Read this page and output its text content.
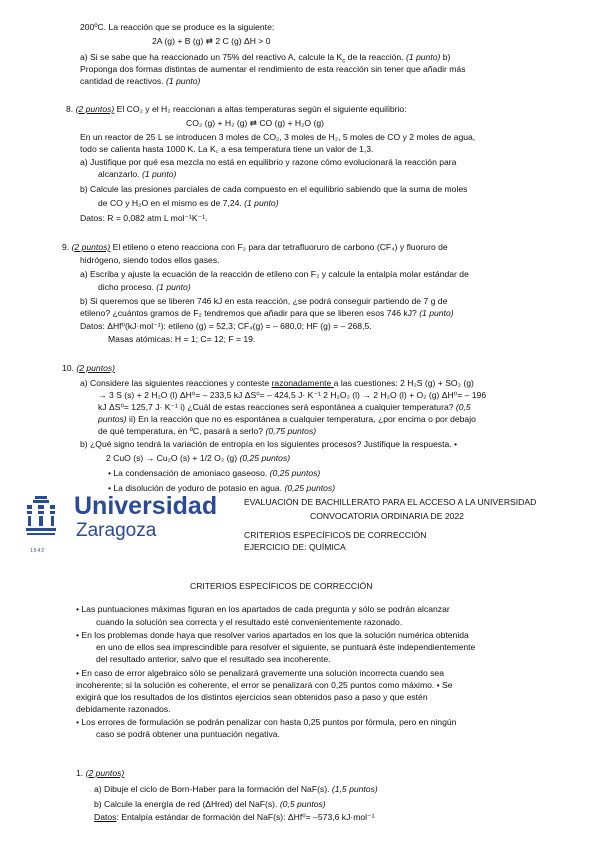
200ºC. La reacción que se produce es la siguiente:
2A (g) + B (g) ⇄ 2 C (g) ΔH > 0
a) Si se sabe que ha reaccionado un 75% del reactivo A, calcule la $K_c$ de la reacción. (1 punto) b)
Proponga dos formas distintas de aumentar el rendimiento de esta reacción sin tener que añadir más
cantidad de reactivos. (1 punto)
8. (2 puntos) El CO₂ y el H₂ reaccionan a altas temperaturas según el siguiente equilibrio:
CO₂ (g) + H₂ (g) ⇄ CO (g) + H₂O (g)
En un reactor de 25 L se introducen 3 moles de CO₂, 3 moles de H₂, 5 moles de CO y 2 moles de agua,
todo se calienta hasta 1000 K. La K꜀ a esa temperatura tiene un valor de 1,3.
a) Justifique por qué esa mezcla no está en equilibrio y razone cómo evolucionará la reacción para
alcanzarlo. (1 punto)
b) Calcule las presiones parciales de cada compuesto en el equilibrio sabiendo que la suma de moles
de CO y H₂O en el mismo es de 7,24. (1 punto)
Datos: R = 0,082 atm L mol⁻¹K⁻¹.
9. (2 puntos) El etileno o eteno reacciona con F₂ para dar tetrafluoruro de carbono (CF₄) y fluoruro de
hidrógeno, siendo todos ellos gases.
a) Escriba y ajuste la ecuación de la reacción de etileno con F₂ y calcule la entalpía molar estándar de
dicho proceso. (1 punto)
b) Si queremos que se liberen 746 kJ en esta reacción, ¿se podrá conseguir partiendo de 7 g de
etileno? ¿cuántos gramos de F₂ tendremos que añadir para que se liberen esos 746 kJ? (1 punto)
Datos: ΔHf⁰(kJ·mol⁻¹): etileno (g) = 52,3; CF₄(g) = – 680,0; HF (g) = – 268,5.
Masas atómicas: H = 1; C= 12; F = 19.
10. (2 puntos)
a) Considere las siguientes reacciones y conteste razonadamente a las cuestiones: 2 H₂S (g) + SO₂ (g)
→ 3 S (s) + 2 H₂O (l) ΔH⁰= – 233,5 kJ ΔS⁰= – 424,5 J· K⁻¹ 2 H₂O₂ (l) → 2 H₂O (l) + O₂ (g) ΔH⁰= – 196
kJ ΔS⁰= 125,7 J· K⁻¹ i) ¿Cuál de estas reacciones será espontánea a cualquier temperatura? (0,5
puntos) ii) En la reacción que no es espontánea a cualquier temperatura, ¿por encima o por debajo
de qué temperatura, en ºC, pasará a serlo? (0,75 puntos)
b) ¿Qué signo tendrá la variación de entropía en los siguientes procesos? Justifique la respuesta. •
2 CuO (s) → Cu₂O (s) + 1/2 O₂ (g) (0,25 puntos)
• La condensación de amoniaco gaseoso. (0,25 puntos)
• La disolución de yoduro de potasio en agua. (0,25 puntos)
Universidad
Zaragoza
1542
EVALUACIÓN DE BACHILLERATO PARA EL ACCESO A LA UNIVERSIDAD
CONVOCATORIA ORDINARIA DE 2022
CRITERIOS ESPECÍFICOS DE CORRECCIÓN
EJERCICIO DE: QUÍMICA
CRITERIOS ESPECÍFICOS DE CORRECCIÓN
• Las puntuaciones máximas figuran en los apartados de cada pregunta y sólo se podrán alcanzar
cuando la solución sea correcta y el resultado esté convenientemente razonado.
• En los problemas donde haya que resolver varios apartados en los que la solución numérica obtenida
en uno de ellos sea imprescindible para resolver el siguiente, se puntuará éste independientemente
del resultado anterior, salvo que el resultado sea incoherente.
• En caso de error algebraico sólo se penalizará gravemente una solución incorrecta cuando sea
incoherente; si la solución es coherente, el error se penalizará con 0,25 puntos como máximo. • Se
exigirá que los resultados de los distintos ejercicios sean obtenidos paso a paso y que estén
debidamente razonados.
• Los errores de formulación se podrán penalizar con hasta 0,25 puntos por fórmula, pero en ningún
caso se podrá obtener una puntuación negativa.
1. (2 puntos)
a) Dibuje el ciclo de Born-Haber para la formación del NaF(s). (1,5 puntos)
b) Calcule la energía de red (ΔHred) del NaF(s). (0,5 puntos)
Datos: Entalpía estándar de formación del NaF(s): ΔHf⁰= –573,6 kJ·mol⁻¹
